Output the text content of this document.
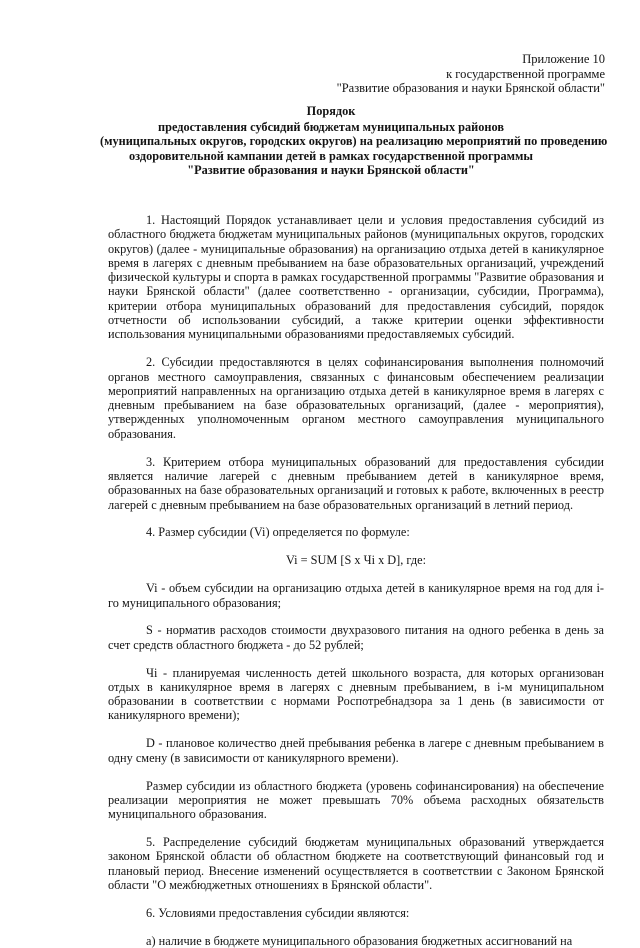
Приложение 10
к государственной программе
"Развитие образования и науки Брянской области"
Порядок
предоставления субсидий бюджетам муниципальных районов
(муниципальных округов, городских округов) на реализацию мероприятий по проведению
оздоровительной кампании детей в рамках государственной программы
"Развитие образования и науки Брянской области"

1. Настоящий Порядок устанавливает цели и условия предоставления субсидий из областного бюджета бюджетам муниципальных районов (муниципальных округов, городских округов) (далее - муниципальные образования) на организацию отдыха детей в каникулярное время в лагерях с дневным пребыванием на базе образовательных организаций, учреждений физической культуры и спорта в рамках государственной программы "Развитие образования и науки Брянской области" (далее соответственно - организации, субсидии, Программа), критерии отбора муниципальных образований для предоставления субсидий, порядок отчетности об использовании субсидий, а также критерии оценки эффективности использования муниципальными образованиями предоставляемых субсидий.

2. Субсидии предоставляются в целях софинансирования выполнения полномочий органов местного самоуправления, связанных с финансовым обеспечением реализации мероприятий направленных на организацию отдыха детей в каникулярное время в лагерях с дневным пребыванием на базе образовательных организаций, (далее - мероприятия), утвержденных уполномоченным органом местного самоуправления муниципального образования.

3. Критерием отбора муниципальных образований для предоставления субсидии является наличие лагерей с дневным пребыванием детей в каникулярное время, образованных на базе образовательных организаций и готовых к работе, включенных в реестр лагерей с дневным пребыванием на базе образовательных организаций в летний период.

4. Размер субсидии (Vi) определяется по формуле:

Vi = SUM [S x Чi x D], где:

Vi - объем субсидии на организацию отдыха детей в каникулярное время на год для i-го муниципального образования;

S - норматив расходов стоимости двухразового питания на одного ребенка в день за счет средств областного бюджета - до 52 рублей;

Чi - планируемая численность детей школьного возраста, для которых организован отдых в каникулярное время в лагерях с дневным пребыванием, в i-м муниципальном образовании в соответствии с нормами Роспотребнадзора за 1 день (в зависимости от каникулярного времени);

D - плановое количество дней пребывания ребенка в лагере с дневным пребыванием в одну смену (в зависимости от каникулярного времени).

Размер субсидии из областного бюджета (уровень софинансирования) на обеспечение реализации мероприятия не может превышать 70% объема расходных обязательств муниципального образования.

5. Распределение субсидий бюджетам муниципальных образований утверждается законом Брянской области об областном бюджете на соответствующий финансовый год и плановый период. Внесение изменений осуществляется в соответствии с Законом Брянской области "О межбюджетных отношениях в Брянской области".

6. Условиями предоставления субсидии являются:

а) наличие в бюджете муниципального образования бюджетных ассигнований на
